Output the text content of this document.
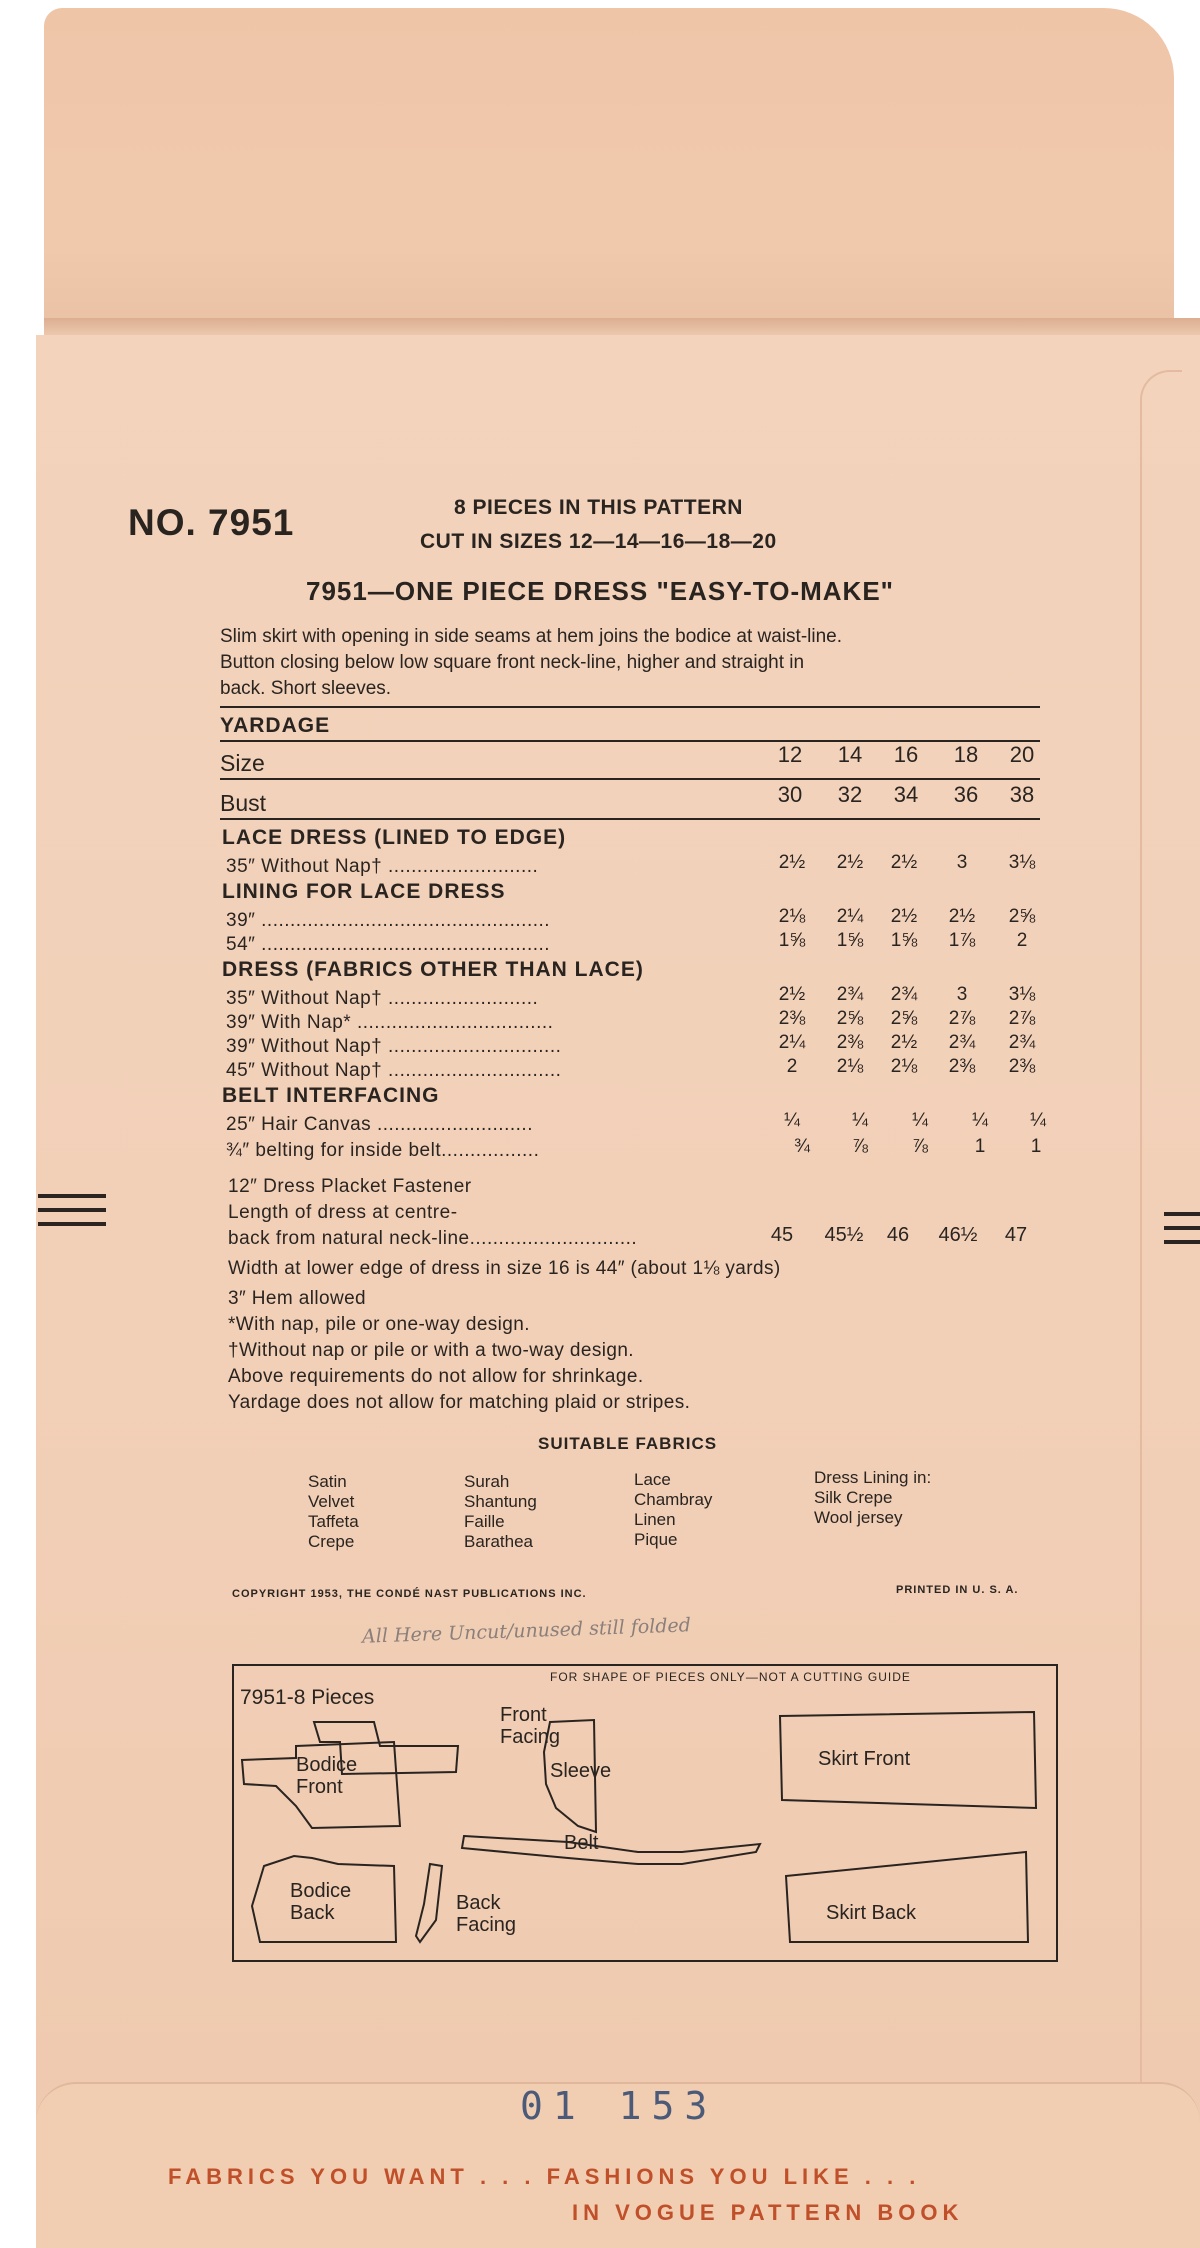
NO. 7951	8 PIECES IN THIS PATTERN
CUT IN SIZES 12—14—16—18—20
7951—ONE PIECE DRESS "EASY-TO-MAKE"
Slim skirt with opening in side seams at hem joins the bodice at waist-line.
Button closing below low square front neck-line, higher and straight in
back. Short sleeves.
YARDAGE
Size	12	14	16	18	20
Bust	30	32	34	36	38
LACE DRESS (LINED TO EDGE)
35″ Without Nap† ..........................	2½	2½	2½	3	3⅛
LINING FOR LACE DRESS
39″ ..................................................	2⅛	2¼	2½	2½	2⅝
54″ ..................................................	1⅝	1⅝	1⅝	1⅞	2
DRESS (FABRICS OTHER THAN LACE)
35″ Without Nap† ..........................	2½	2¾	2¾	3	3⅛
39″ With Nap* ..................................	2⅜	2⅝	2⅝	2⅞	2⅞
39″ Without Nap† ..............................	2¼	2⅜	2½	2¾	2¾
45″ Without Nap† ..............................	2	2⅛	2⅛	2⅜	2⅜
BELT INTERFACING
25″ Hair Canvas ...........................	¼	¼	¼	¼	¼
¾″ belting for inside belt.................	¾	⅞	⅞	1	1
12″ Dress Placket Fastener
Length of dress at centre-
back from natural neck-line.............................	45	45½	46	46½	47
Width at lower edge of dress in size 16 is 44″ (about 1⅛ yards)
3″ Hem allowed
*With nap, pile or one-way design.
†Without nap or pile or with a two-way design.
Above requirements do not allow for shrinkage.
Yardage does not allow for matching plaid or stripes.
SUITABLE FABRICS
Satin
Velvet
Taffeta
Crepe
Surah
Shantung
Faille
Barathea
Lace
Chambray
Linen
Pique
Dress Lining in:
Silk Crepe
Wool jersey
COPYRIGHT 1953, THE CONDÉ NAST PUBLICATIONS INC.	PRINTED IN U. S. A.
All Here Uncut/unused still folded
FOR SHAPE OF PIECES ONLY—NOT A CUTTING GUIDE
7951-8 Pieces
Bodice
Front
Front
Facing
Sleeve
Skirt Front
Belt
Bodice
Back	Back
Facing
Skirt Back
01 153
FABRICS YOU WANT . . . FASHIONS YOU LIKE . . .
IN VOGUE PATTERN BOOK
